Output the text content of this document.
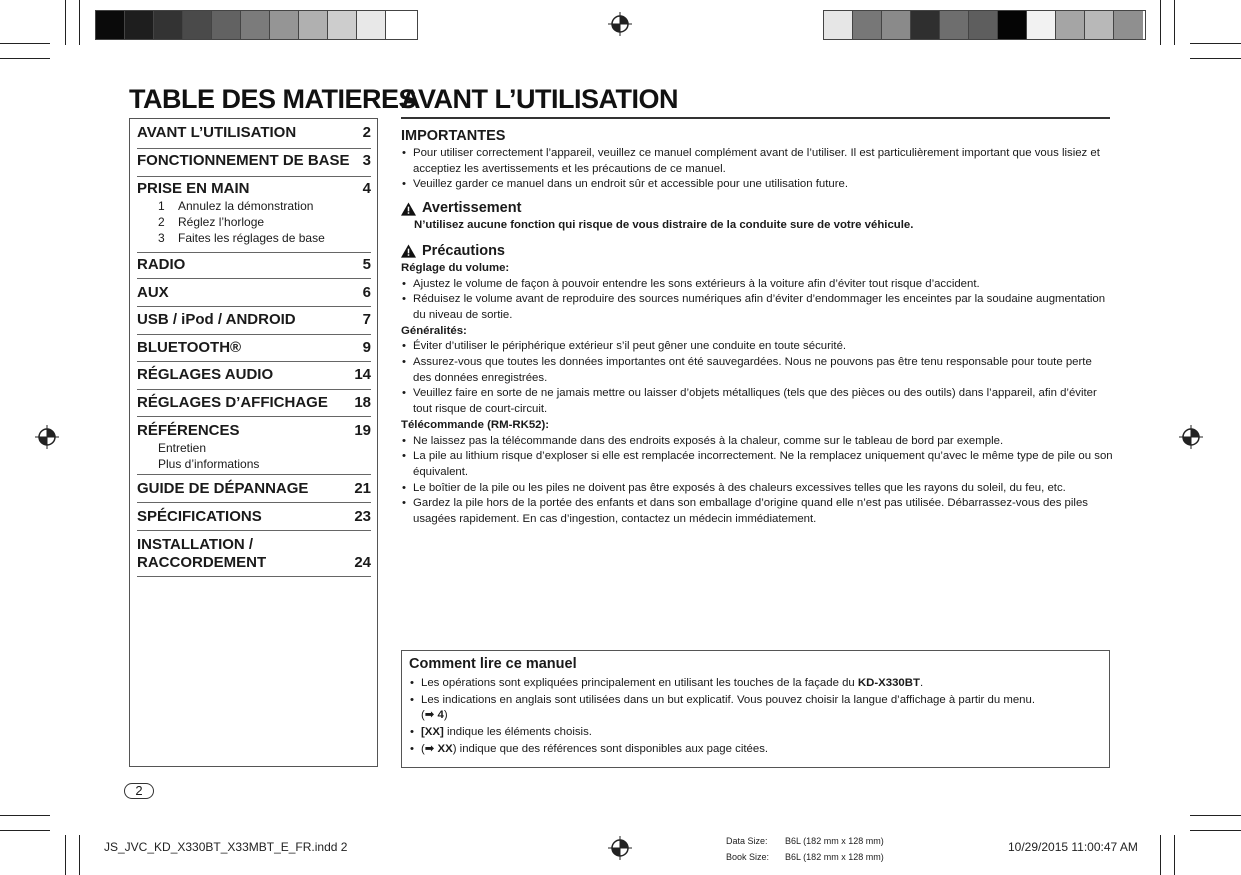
TABLE DES MATIERES
AVANT L’UTILISATION
AVANT L’UTILISATION	2
FONCTIONNEMENT DE BASE 3
PRISE EN MAIN	4
1 Annulez la démonstration
2 Réglez l’horloge
3 Faites les réglages de base
RADIO	5
AUX	6
USB / iPod / ANDROID	7
BLUETOOTH®	9
RÉGLAGES AUDIO	14
RÉGLAGES D’AFFICHAGE 18
RÉFÉRENCES	19
Entretien
Plus d’informations
GUIDE DE DÉPANNAGE	21
SPÉCIFICATIONS	23
INSTALLATION /
RACCORDEMENT	24
IMPORTANTES
• Pour utiliser correctement l’appareil, veuillez ce manuel complément avant de l’utiliser. Il est particulièrement important que vous lisiez et acceptiez les avertissements et les précautions de ce manuel.
• Veuillez garder ce manuel dans un endroit sûr et accessible pour une utilisation future.
Avertissement
N’utilisez aucune fonction qui risque de vous distraire de la conduite sure de votre véhicule.
Précautions
Réglage du volume:
• Ajustez le volume de façon à pouvoir entendre les sons extérieurs à la voiture afin d’éviter tout risque d’accident.
• Réduisez le volume avant de reproduire des sources numériques afin d’éviter d’endommager les enceintes par la soudaine augmentation du niveau de sortie.
Généralités:
• Éviter d’utiliser le périphérique extérieur s’il peut gêner une conduite en toute sécurité.
• Assurez-vous que toutes les données importantes ont été sauvegardées. Nous ne pouvons pas être tenu responsable pour toute perte des données enregistrées.
• Veuillez faire en sorte de ne jamais mettre ou laisser d’objets métalliques (tels que des pièces ou des outils) dans l’appareil, afin d’éviter tout risque de court-circuit.
Télécommande (RM-RK52):
• Ne laissez pas la télécommande dans des endroits exposés à la chaleur, comme sur le tableau de bord par exemple.
• La pile au lithium risque d’exploser si elle est remplacée incorrectement. Ne la remplacez uniquement qu’avec le même type de pile ou son équivalent.
• Le boîtier de la pile ou les piles ne doivent pas être exposés à des chaleurs excessives telles que les rayons du soleil, du feu, etc.
• Gardez la pile hors de la portée des enfants et dans son emballage d’origine quand elle n’est pas utilisée. Débarrassez-vous des piles usagées rapidement. En cas d’ingestion, contactez un médecin immédiatement.
Comment lire ce manuel
• Les opérations sont expliquées principalement en utilisant les touches de la façade du KD-X330BT.
• Les indications en anglais sont utilisées dans un but explicatif. Vous pouvez choisir la langue d’affichage à partir du menu.
(➡ 4)
• [XX] indique les éléments choisis.
• (➡ XX) indique que des références sont disponibles aux page citées.
2
JS_JVC_KD_X330BT_X33MBT_E_FR.indd 2	Data Size: B6L (182 mm x 128 mm)
Book Size: B6L (182 mm x 128 mm)
10/29/2015 11:00:47 AM
